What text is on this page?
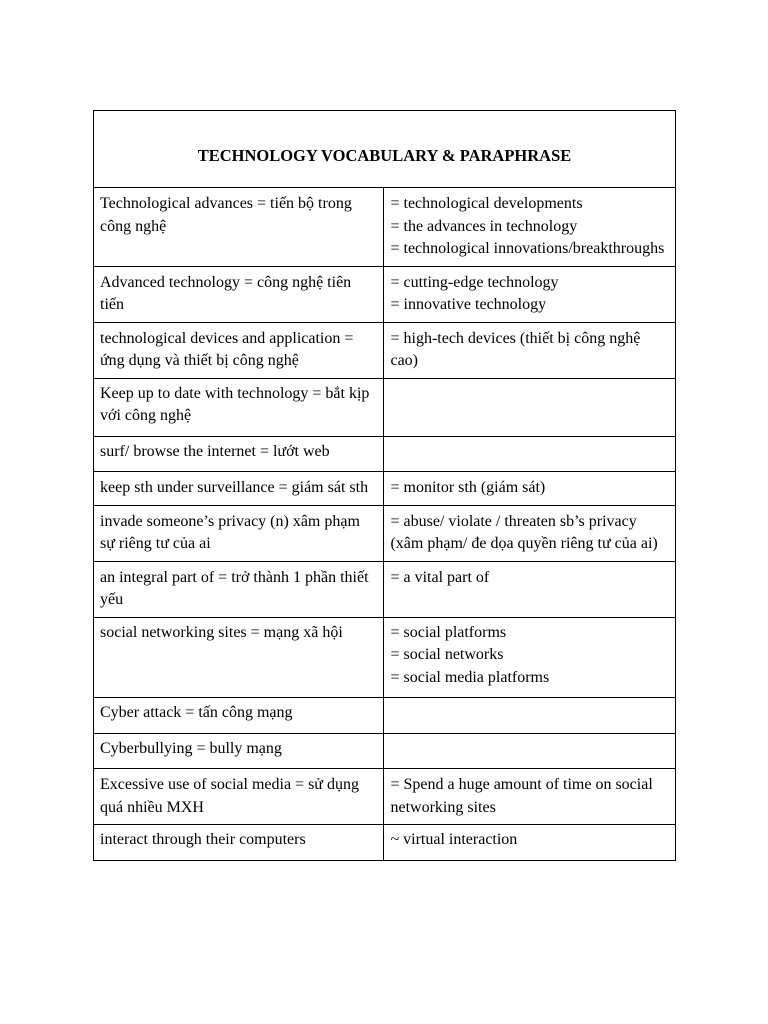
TECHNOLOGY VOCABULARY & PARAPHRASE	
Technological advances = tiến bộ trong công nghệ	= technological developments
= the advances in technology
= technological innovations/breakthroughs

Advanced technology = công nghệ tiên tiến	= cutting-edge technology
= innovative technology

technological devices and application = ứng dụng và thiết bị công nghệ	= high-tech devices (thiết bị công nghệ cao)

Keep up to date with technology = bắt kịp với công nghệ	
surf/ browse the internet = lướt web	
keep sth under surveillance = giám sát sth	= monitor sth (giám sát)

invade someone’s privacy (n) xâm phạm sự riêng tư của ai	= abuse/ violate / threaten sb’s privacy (xâm phạm/ đe dọa quyền riêng tư của ai)

an integral part of = trở thành 1 phần thiết yếu	= a vital part of

social networking sites = mạng xã hội	= social platforms
= social networks
= social media platforms

Cyber attack = tấn công mạng	
Cyberbullying = bully mạng	
Excessive use of social media = sử dụng quá nhiều MXH	= Spend a huge amount of time on social networking sites

interact through their computers	~ virtual interaction
